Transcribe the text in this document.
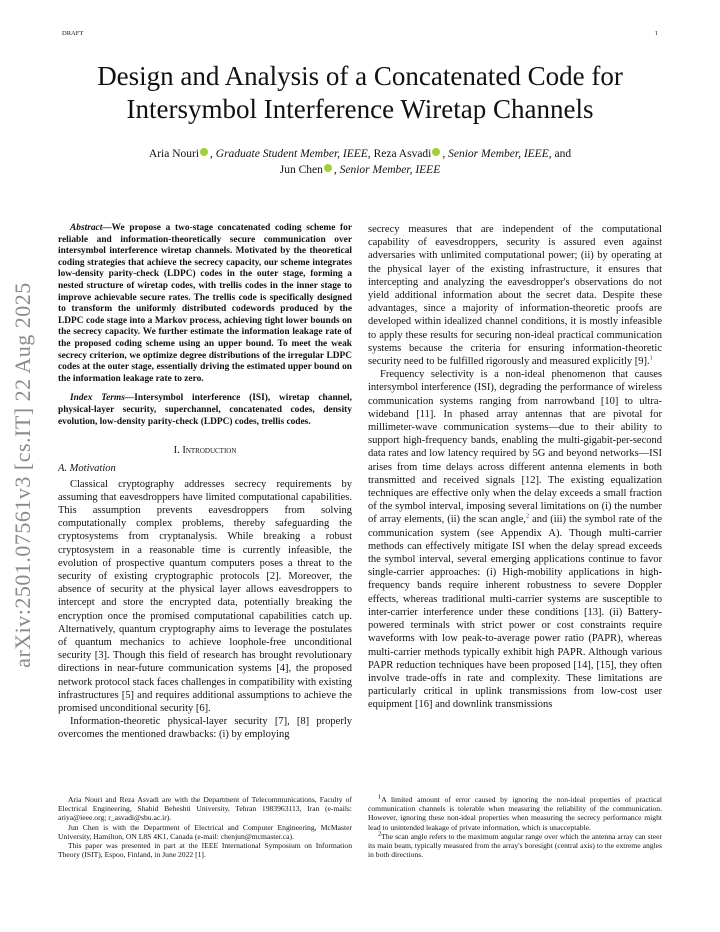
DRAFT	1
arXiv:2501.07561v3 [cs.IT] 22 Aug 2025
Design and Analysis of a Concatenated Code for Intersymbol Interference Wiretap Channels
Aria Nouri , Graduate Student Member, IEEE, Reza Asvadi , Senior Member, IEEE, and
Jun Chen , Senior Member, IEEE

Abstract—We propose a two-stage concatenated coding scheme for reliable and information-theoretically secure communication over intersymbol interference wiretap channels. Motivated by the theoretical coding strategies that achieve the secrecy capacity, our scheme integrates low-density parity-check (LDPC) codes in the outer stage, forming a nested structure of wiretap codes, with trellis codes in the inner stage to improve achievable secure rates. The trellis code is specifically designed to transform the uniformly distributed codewords produced by the LDPC code stage into a Markov process, achieving tight lower bounds on the secrecy capacity. We further estimate the information leakage rate of the proposed coding scheme using an upper bound. To meet the weak secrecy criterion, we optimize degree distributions of the irregular LDPC codes at the outer stage, essentially driving the estimated upper bound on the information leakage rate to zero.

Index Terms—Intersymbol interference (ISI), wiretap channel, physical-layer security, superchannel, concatenated codes, density evolution, low-density parity-check (LDPC) codes, trellis codes.

I. Introduction
A. Motivation

Classical cryptography addresses secrecy requirements by assuming that eavesdroppers have limited computational capabilities. This assumption prevents eavesdroppers from solving computationally complex problems, thereby safeguarding the cryptosystems from cryptanalysis. While breaking a robust cryptosystem in a reasonable time is currently infeasible, the evolution of prospective quantum computers poses a threat to the security of existing cryptographic protocols [2]. Moreover, the absence of security at the physical layer allows eavesdroppers to intercept and store the encrypted data, potentially breaking the encryption once the promised computational capabilities catch up. Alternatively, quantum cryptography aims to leverage the postulates of quantum mechanics to achieve loophole-free unconditional security [3]. Though this field of research has brought revolutionary directions in near-future communication systems [4], the proposed network protocol stack faces challenges in compatibility with existing infrastructures [5] and requires additional assumptions to achieve the promised unconditional security [6].

Information-theoretic physical-layer security [7], [8] properly overcomes the mentioned drawbacks: (i) by employing

secrecy measures that are independent of the computational capability of eavesdroppers, security is assured even against adversaries with unlimited computational power; (ii) by operating at the physical layer of the existing infrastructure, it ensures that intercepting and analyzing the eavesdropper's observations do not yield additional information about the secret data. Despite these advantages, since a majority of information-theoretic proofs are developed within idealized channel conditions, it is mostly infeasible to apply these results for securing non-ideal practical communication systems because the criteria for ensuring information-theoretic security need to be fulfilled rigorously and measured explicitly [9].$^1$

Frequency selectivity is a non-ideal phenomenon that causes intersymbol interference (ISI), degrading the performance of wireless communication systems ranging from narrowband [10] to ultra-wideband [11]. In phased array antennas that are pivotal for millimeter-wave communication systems—due to their ability to support high-frequency bands, enabling the multi-gigabit-per-second data rates and low latency required by 5G and beyond networks—ISI arises from time delays across different antenna elements in both transmitted and received signals [12]. The existing equalization techniques are effective only when the delay exceeds a small fraction of the symbol interval, imposing several limitations on (i) the number of array elements, (ii) the scan angle,$^2$ and (iii) the symbol rate of the communication system (see Appendix A). Though multi-carrier methods can effectively mitigate ISI when the delay spread exceeds the symbol interval, several emerging applications continue to favor single-carrier approaches: (i) High-mobility applications in high-frequency bands require inherent robustness to severe Doppler effects, whereas traditional multi-carrier systems are susceptible to inter-carrier interference under these conditions [13]. (ii) Battery-powered terminals with strict power or cost constraints require waveforms with low peak-to-average power ratio (PAPR), whereas multi-carrier methods typically exhibit high PAPR. Although various PAPR reduction techniques have been proposed [14], [15], they often involve trade-offs in rate and complexity. These limitations are particularly critical in uplink transmissions from low-cost user equipment [16] and downlink transmissions

Aria Nouri and Reza Asvadi are with the Department of Telecommunications, Faculty of Electrical Engineering, Shahid Beheshti University, Tehran 1983963113, Iran (e-mails: ariya@ieee.org; r_asvadi@sbu.ac.ir).

Jun Chen is with the Department of Electrical and Computer Engineering, McMaster University, Hamilton, ON L8S 4K1, Canada (e-mail: chenjun@mcmaster.ca).

This paper was presented in part at the IEEE International Symposium on Information Theory (ISIT), Espoo, Finland, in June 2022 [1].

$^1$A limited amount of error caused by ignoring the non-ideal properties of practical communication channels is tolerable when measuring the reliability of the communication. However, ignoring these non-ideal properties when measuring the secrecy performance might lead to unintended leakage of private information, which is unacceptable.

$^2$The scan angle refers to the maximum angular range over which the antenna array can steer its main beam, typically measured from the array's boresight (central axis) to the extreme angles in both directions.
